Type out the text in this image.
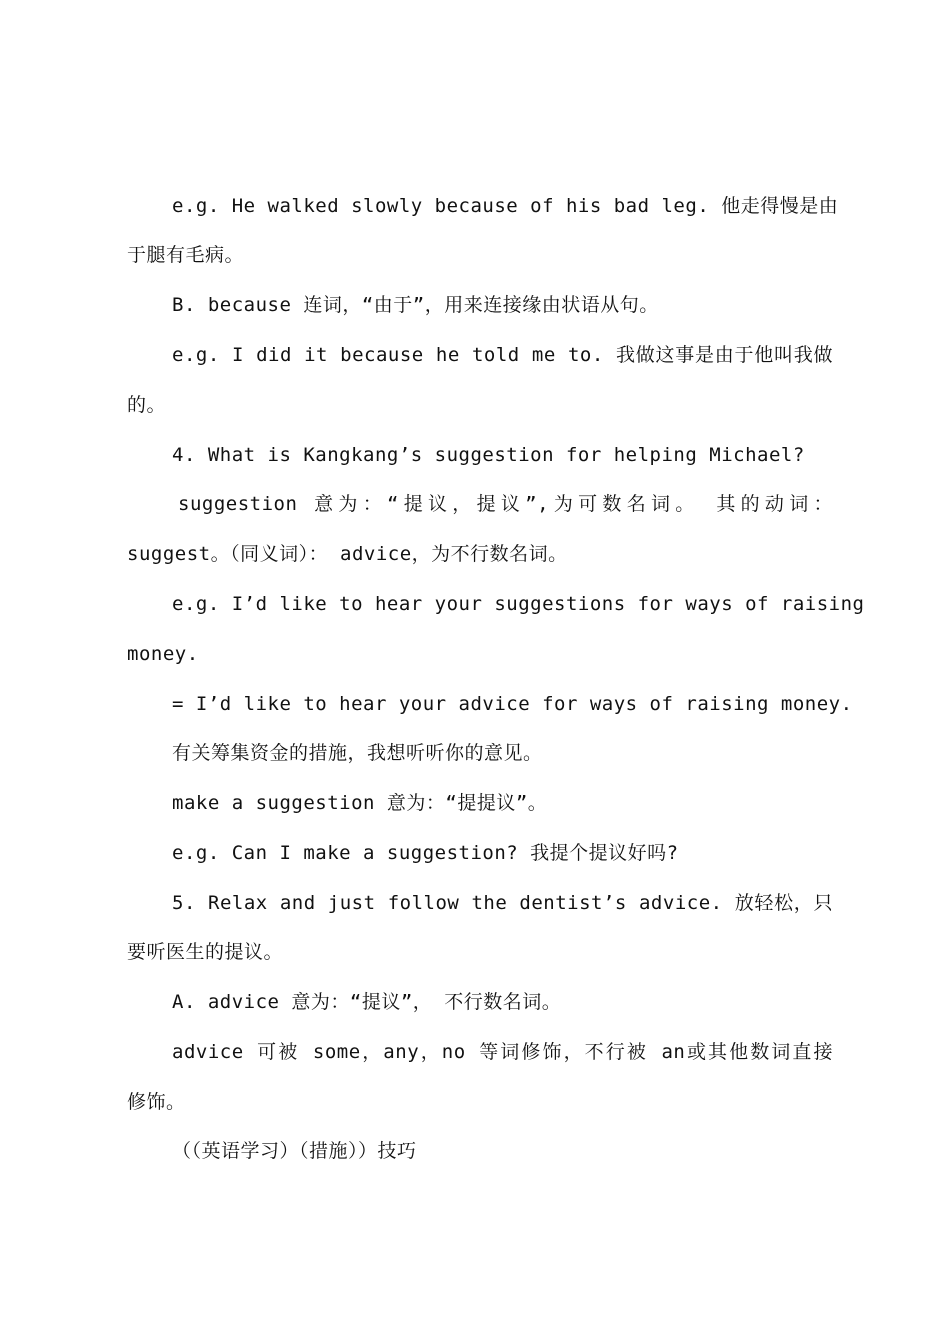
e.g. He walked slowly because of his bad leg. 他走得慢是由
于腿有毛病。
B. because 连词，“由于”，用来连接缘由状语从句。
e.g. I did it because he told me to. 我做这事是由于他叫我做
的。
4. What is Kangkang’s suggestion for helping Michael?
suggestion 意为：“提议，提议”,为可数名词。 其的动词：
suggest。（同义词）： advice，为不行数名词。
e.g. I’d like to hear your suggestions for ways of raising
money.
= I’d like to hear your advice for ways of raising money.
有关筹集资金的措施，我想听听你的意见。
make a suggestion 意为：“提提议”。
e.g. Can I make a suggestion? 我提个提议好吗?
5. Relax and just follow the dentist’s advice. 放轻松，只
要听医生的提议。
A. advice 意为：“提议”， 不行数名词。
advice 可被 some，any，no 等词修饰，不行被 an或其他数词直接
修饰。
（（英语学习）（措施））技巧
